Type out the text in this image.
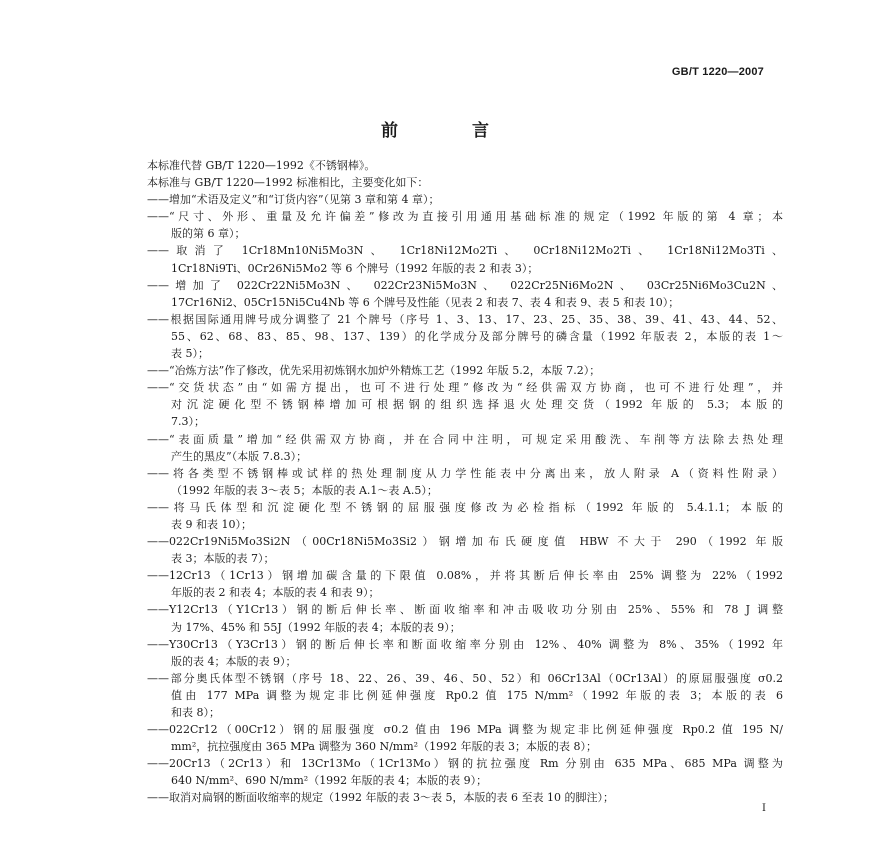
GB/T 1220—2007
前 言
本标准代替 GB/T 1220—1992《不锈钢棒》。
本标准与 GB/T 1220—1992 标准相比，主要变化如下：
——增加“术语及定义”和“订货内容”（见第 3 章和第 4 章）；
——“尺寸、外形、重量及允许偏差”修改为直接引用通用基础标准的规定（1992 年版的第 4 章；本
版的第 6 章）；
——取消了 1Cr18Mn10Ni5Mo3N、 1Cr18Ni12Mo2Ti、 0Cr18Ni12Mo2Ti、 1Cr18Ni12Mo3Ti、
1Cr18Ni9Ti、0Cr26Ni5Mo2 等 6 个牌号（1992 年版的表 2 和表 3）；
——增加了 022Cr22Ni5Mo3N、 022Cr23Ni5Mo3N、 022Cr25Ni6Mo2N、 03Cr25Ni6Mo3Cu2N、
17Cr16Ni2、05Cr15Ni5Cu4Nb 等 6 个牌号及性能（见表 2 和表 7、表 4 和表 9、表 5 和表 10）；
——根据国际通用牌号成分调整了 21 个牌号（序号 1、3、13、17、23、25、35、38、39、41、43、44、52、
55、62、68、83、85、98、137、139）的化学成分及部分牌号的磷含量（1992 年版表 2，本版的表 1～
表 5）；
——“冶炼方法”作了修改，优先采用初炼钢水加炉外精炼工艺（1992 年版 5.2，本版 7.2）；
——“交货状态”由“如需方提出，也可不进行处理”修改为“经供需双方协商，也可不进行处理”，并
对沉淀硬化型不锈钢棒增加可根据钢的组织选择退火处理交货（1992 年版的 5.3；本版的
7.3）；
——“表面质量”增加“经供需双方协商，并在合同中注明，可规定采用酸洗、车削等方法除去热处理
产生的黑皮”（本版 7.8.3）；
——将各类型不锈钢棒或试样的热处理制度从力学性能表中分离出来，放人附录 A（资料性附录）
（1992 年版的表 3～表 5；本版的表 A.1～表 A.5）；
——将马氏体型和沉淀硬化型不锈钢的屈服强度修改为必检指标（1992 年版的 5.4.1.1；本版的
表 9 和表 10）；
——022Cr19Ni5Mo3Si2N（00Cr18Ni5Mo3Si2）钢增加布氏硬度值 HBW 不大于 290（1992 年版
表 3；本版的表 7）；
——12Cr13（1Cr13）钢增加碳含量的下限值 0.08%，并将其断后伸长率由 25% 调整为 22%（1992
年版的表 2 和表 4；本版的表 4 和表 9）；
——Y12Cr13（Y1Cr13）钢的断后伸长率、断面收缩率和冲击吸收功分别由 25%、55% 和 78 J 调整
为 17%、45% 和 55J（1992 年版的表 4；本版的表 9）；
——Y30Cr13（Y3Cr13）钢的断后伸长率和断面收缩率分别由 12%、40% 调整为 8%、35%（1992 年
版的表 4；本版的表 9）；
——部分奥氏体型不锈钢（序号 18、22、26、39、46、50、52）和 06Cr13Al（0Cr13Al）的原屈服强度 σ0.2
值由 177 MPa 调整为规定非比例延伸强度 Rp0.2 值 175 N/mm²（1992 年版的表 3；本版的表 6
和表 8）；
——022Cr12（00Cr12）钢的屈服强度 σ0.2 值由 196 MPa 调整为规定非比例延伸强度 Rp0.2 值 195 N/
mm²，抗拉强度由 365 MPa 调整为 360 N/mm²（1992 年版的表 3；本版的表 8）；
——20Cr13（2Cr13）和 13Cr13Mo（1Cr13Mo）钢的抗拉强度 Rm 分别由 635 MPa、685 MPa 调整为
640 N/mm²、690 N/mm²（1992 年版的表 4；本版的表 9）；
——取消对扁钢的断面收缩率的规定（1992 年版的表 3～表 5，本版的表 6 至表 10 的脚注）；
I
